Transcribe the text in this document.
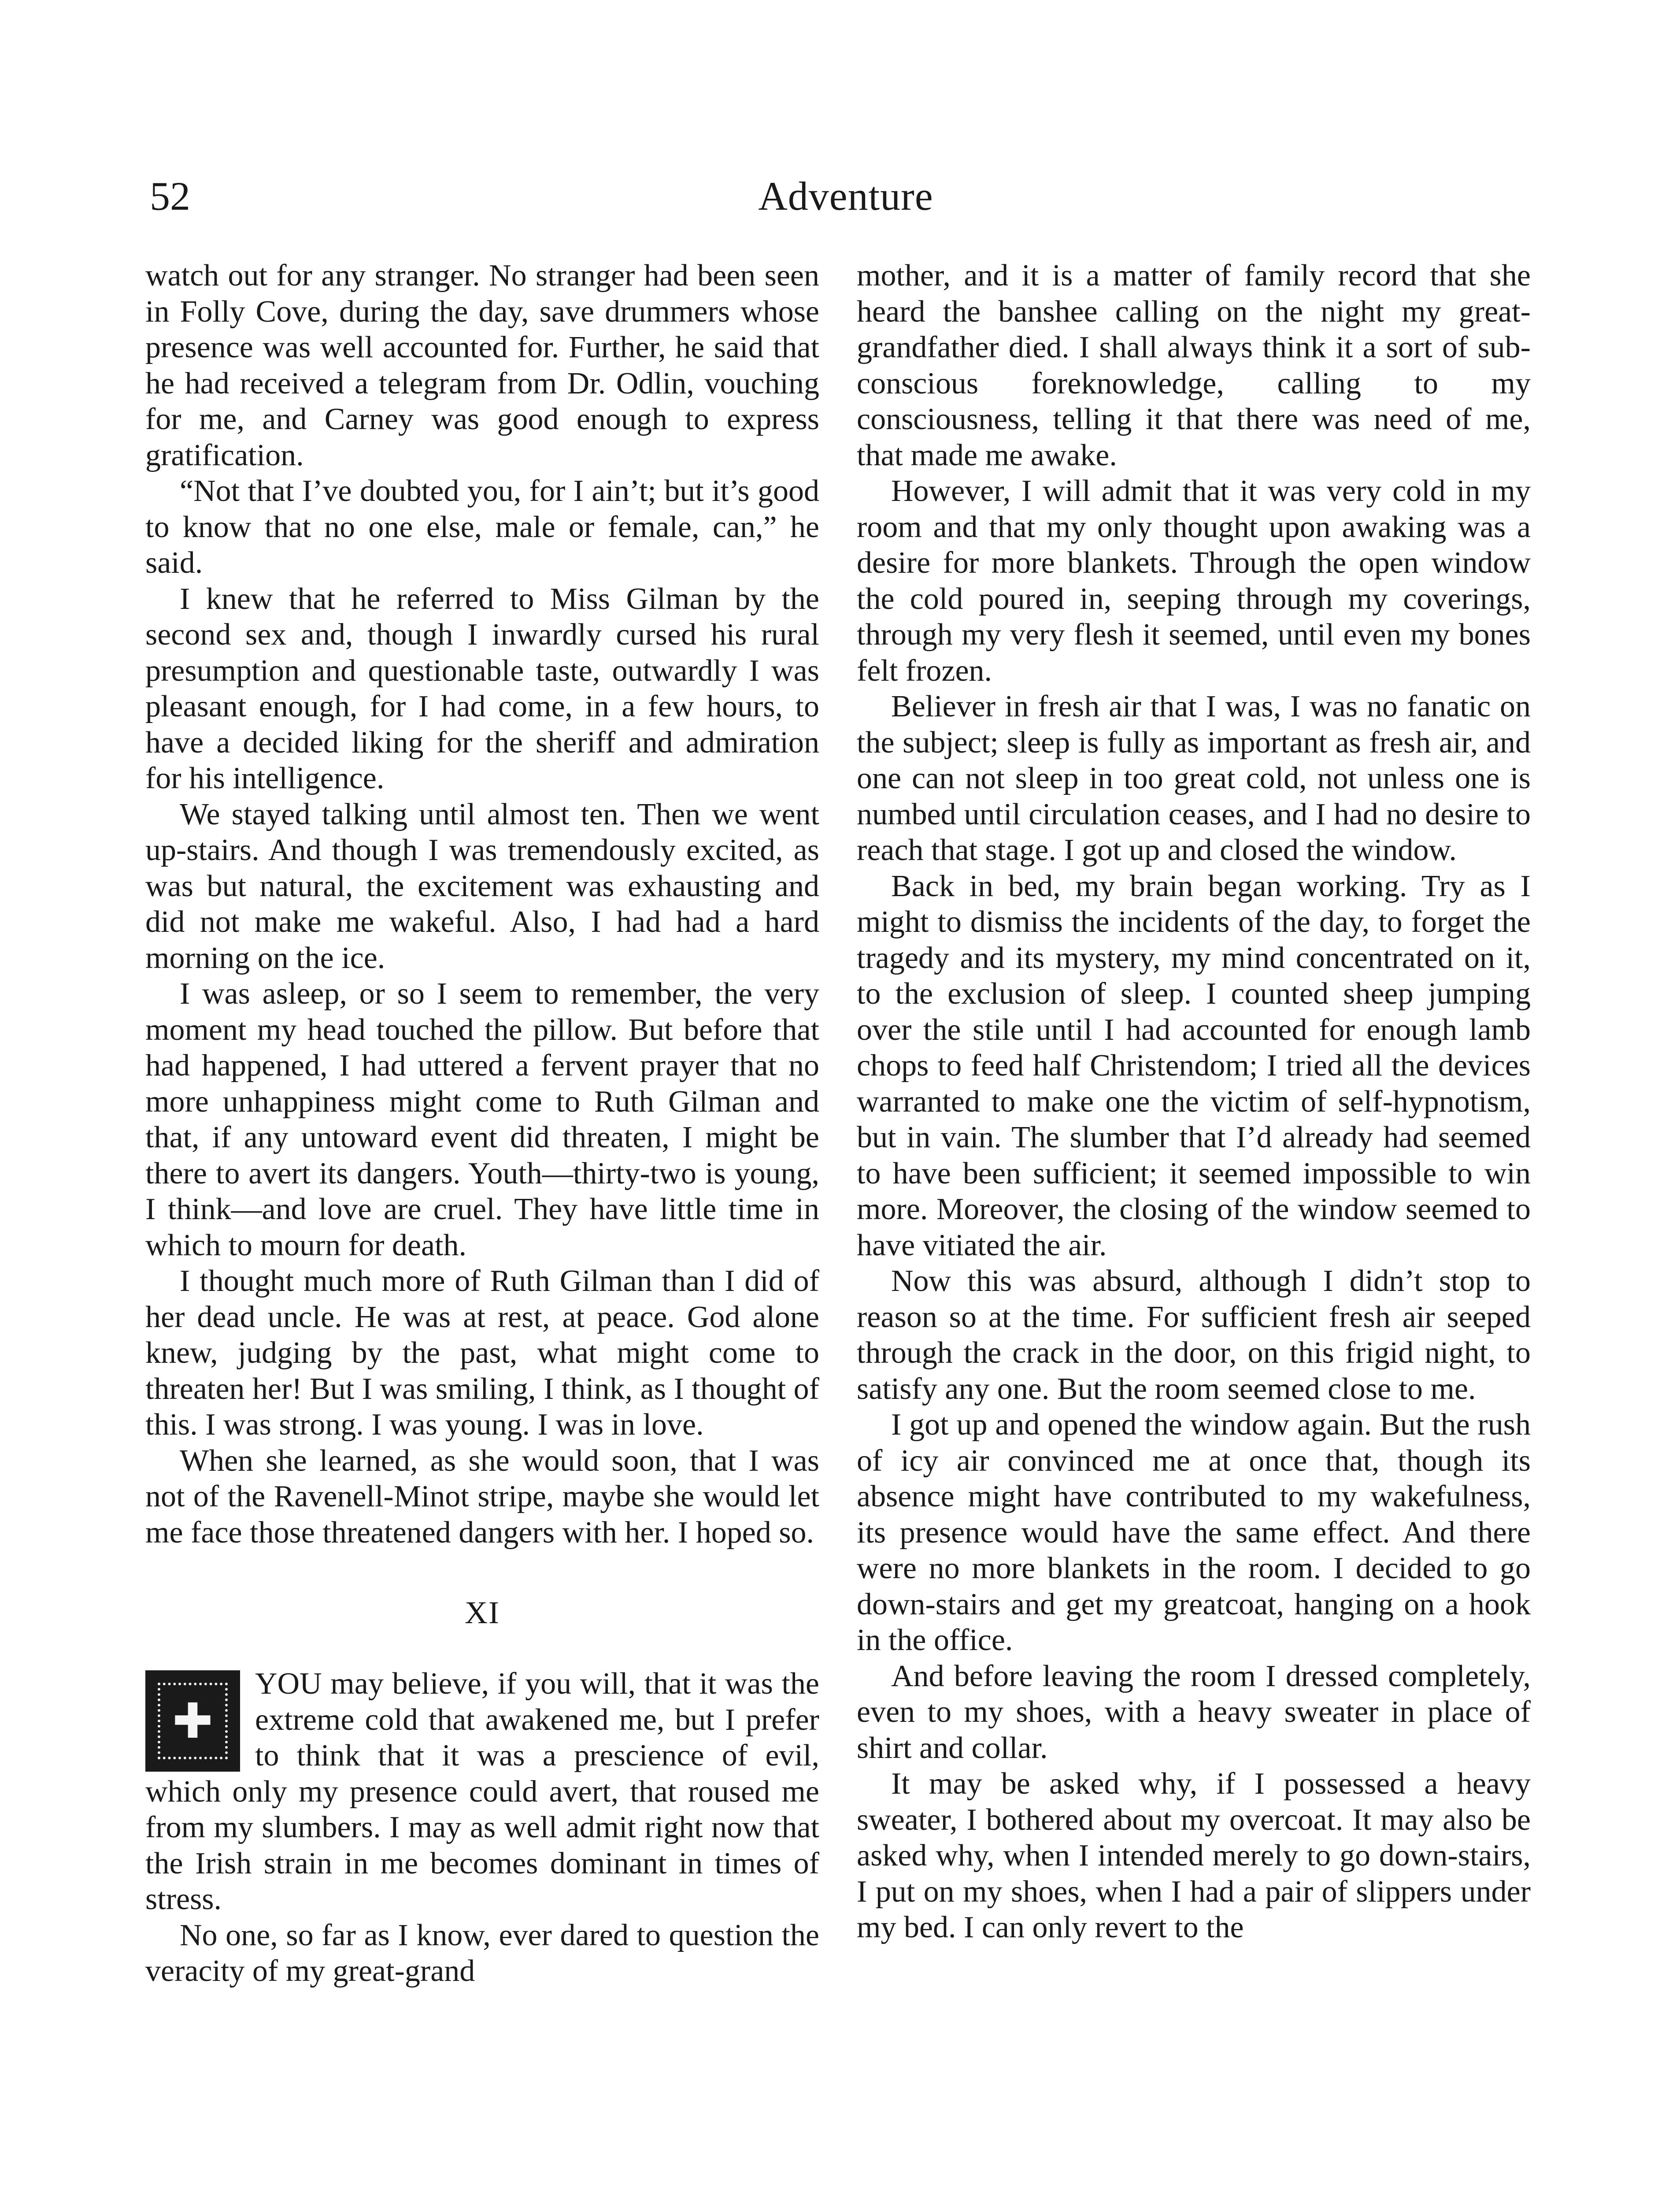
52	Adventure

watch out for any stranger. No stranger had been seen in Folly Cove, during the day, save drummers whose presence was well accounted for. Further, he said that he had received a telegram from Dr. Odlin, vouching for me, and Carney was good enough to express gratification.

“Not that I’ve doubted you, for I ain’t; but it’s good to know that no one else, male or female, can,” he said.

I knew that he referred to Miss Gilman by the second sex and, though I inwardly cursed his rural presumption and questionable taste, outwardly I was pleasant enough, for I had come, in a few hours, to have a decided liking for the sheriff and admiration for his intelligence.

We stayed talking until almost ten. Then we went up-stairs. And though I was tremendously excited, as was but natural, the excitement was exhausting and did not make me wakeful. Also, I had had a hard morning on the ice.

I was asleep, or so I seem to remember, the very moment my head touched the pillow. But before that had happened, I had uttered a fervent prayer that no more unhappiness might come to Ruth Gilman and that, if any untoward event did threaten, I might be there to avert its dangers. Youth—thirty-two is young, I think—and love are cruel. They have little time in which to mourn for death.

I thought much more of Ruth Gilman than I did of her dead uncle. He was at rest, at peace. God alone knew, judging by the past, what might come to threaten her! But I was smiling, I think, as I thought of this. I was strong. I was young. I was in love.

When she learned, as she would soon, that I was not of the Ravenell-Minot stripe, maybe she would let me face those threatened dangers with her. I hoped so.

XI

✚
YOU may believe, if you will, that it was the extreme cold that awakened me, but I prefer to think that it was a prescience of evil, which only my presence could avert, that roused me from my slumbers. I may as well admit right now that the Irish strain in me becomes dominant in times of stress.

No one, so far as I know, ever dared to question the veracity of my great-grand

mother, and it is a matter of family record that she heard the banshee calling on the night my great-grandfather died. I shall always think it a sort of sub-conscious foreknowledge, calling to my consciousness, telling it that there was need of me, that made me awake.

However, I will admit that it was very cold in my room and that my only thought upon awaking was a desire for more blankets. Through the open window the cold poured in, seeping through my coverings, through my very flesh it seemed, until even my bones felt frozen.

Believer in fresh air that I was, I was no fanatic on the subject; sleep is fully as important as fresh air, and one can not sleep in too great cold, not unless one is numbed until circulation ceases, and I had no desire to reach that stage. I got up and closed the window.

Back in bed, my brain began working. Try as I might to dismiss the incidents of the day, to forget the tragedy and its mystery, my mind concentrated on it, to the exclusion of sleep. I counted sheep jumping over the stile until I had accounted for enough lamb chops to feed half Christendom; I tried all the devices warranted to make one the victim of self-hypnotism, but in vain. The slumber that I’d already had seemed to have been sufficient; it seemed impossible to win more. Moreover, the closing of the window seemed to have vitiated the air.

Now this was absurd, although I didn’t stop to reason so at the time. For sufficient fresh air seeped through the crack in the door, on this frigid night, to satisfy any one. But the room seemed close to me.

I got up and opened the window again. But the rush of icy air convinced me at once that, though its absence might have contributed to my wakefulness, its presence would have the same effect. And there were no more blankets in the room. I decided to go down-stairs and get my greatcoat, hanging on a hook in the office.

And before leaving the room I dressed completely, even to my shoes, with a heavy sweater in place of shirt and collar.

It may be asked why, if I possessed a heavy sweater, I bothered about my overcoat. It may also be asked why, when I intended merely to go down-stairs, I put on my shoes, when I had a pair of slippers under my bed. I can only revert to the
